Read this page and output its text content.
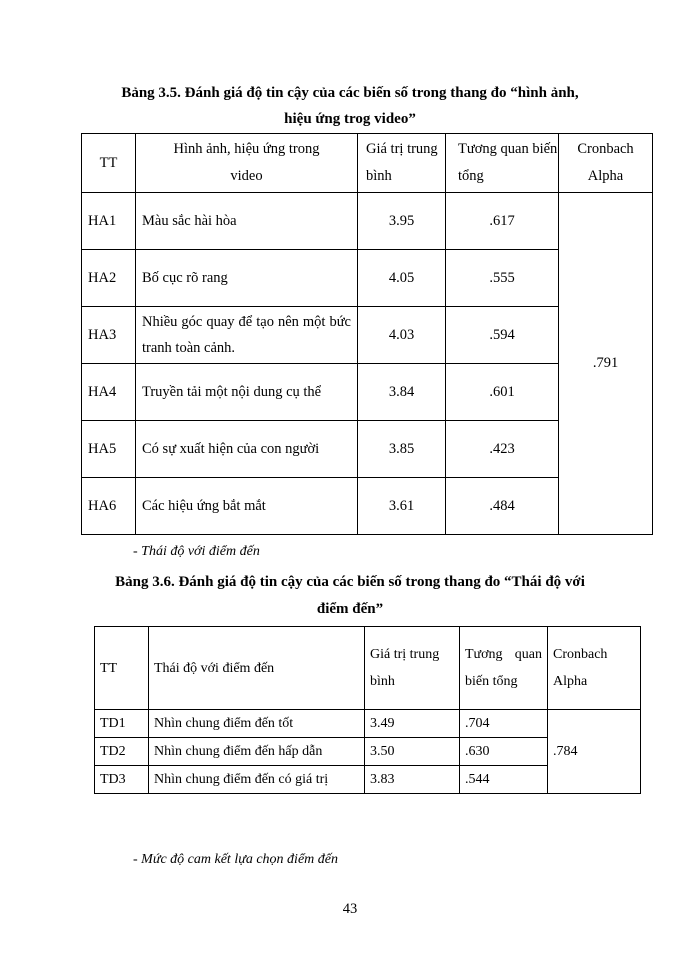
Bảng 3.5. Đánh giá độ tin cậy của các biến số trong thang đo “hình ảnh,
hiệu ứng trog video”
TT	Hình ảnh, hiệu ứng trong video	Giá trị trung bình	Tương quan biến tổng	Cronbach Alpha
HA1	Màu sắc hài hòa	3.95	.617	.791
HA2	Bố cục rõ rang	4.05	.555	
HA3	Nhiều góc quay để tạo nên một bức tranh toàn cảnh.	4.03	.594	
HA4	Truyền tải một nội dung cụ thể	3.84	.601	
HA5	Có sự xuất hiện của con người	3.85	.423	
HA6	Các hiệu ứng bắt mắt	3.61	.484	
- Thái độ với điểm đến
Bảng 3.6. Đánh giá độ tin cậy của các biến số trong thang đo “Thái độ với
điểm đến”
TT	Thái độ với điểm đến	Giá trị trung bình	Tương quan biến tổng	Cronbach Alpha
TD1	Nhìn chung điểm đến tốt	3.49	.704	.784
TD2	Nhìn chung điểm đến hấp dẫn	3.50	.630	
TD3	Nhìn chung điểm đến có giá trị	3.83	.544	
- Mức độ cam kết lựa chọn điểm đến
43
